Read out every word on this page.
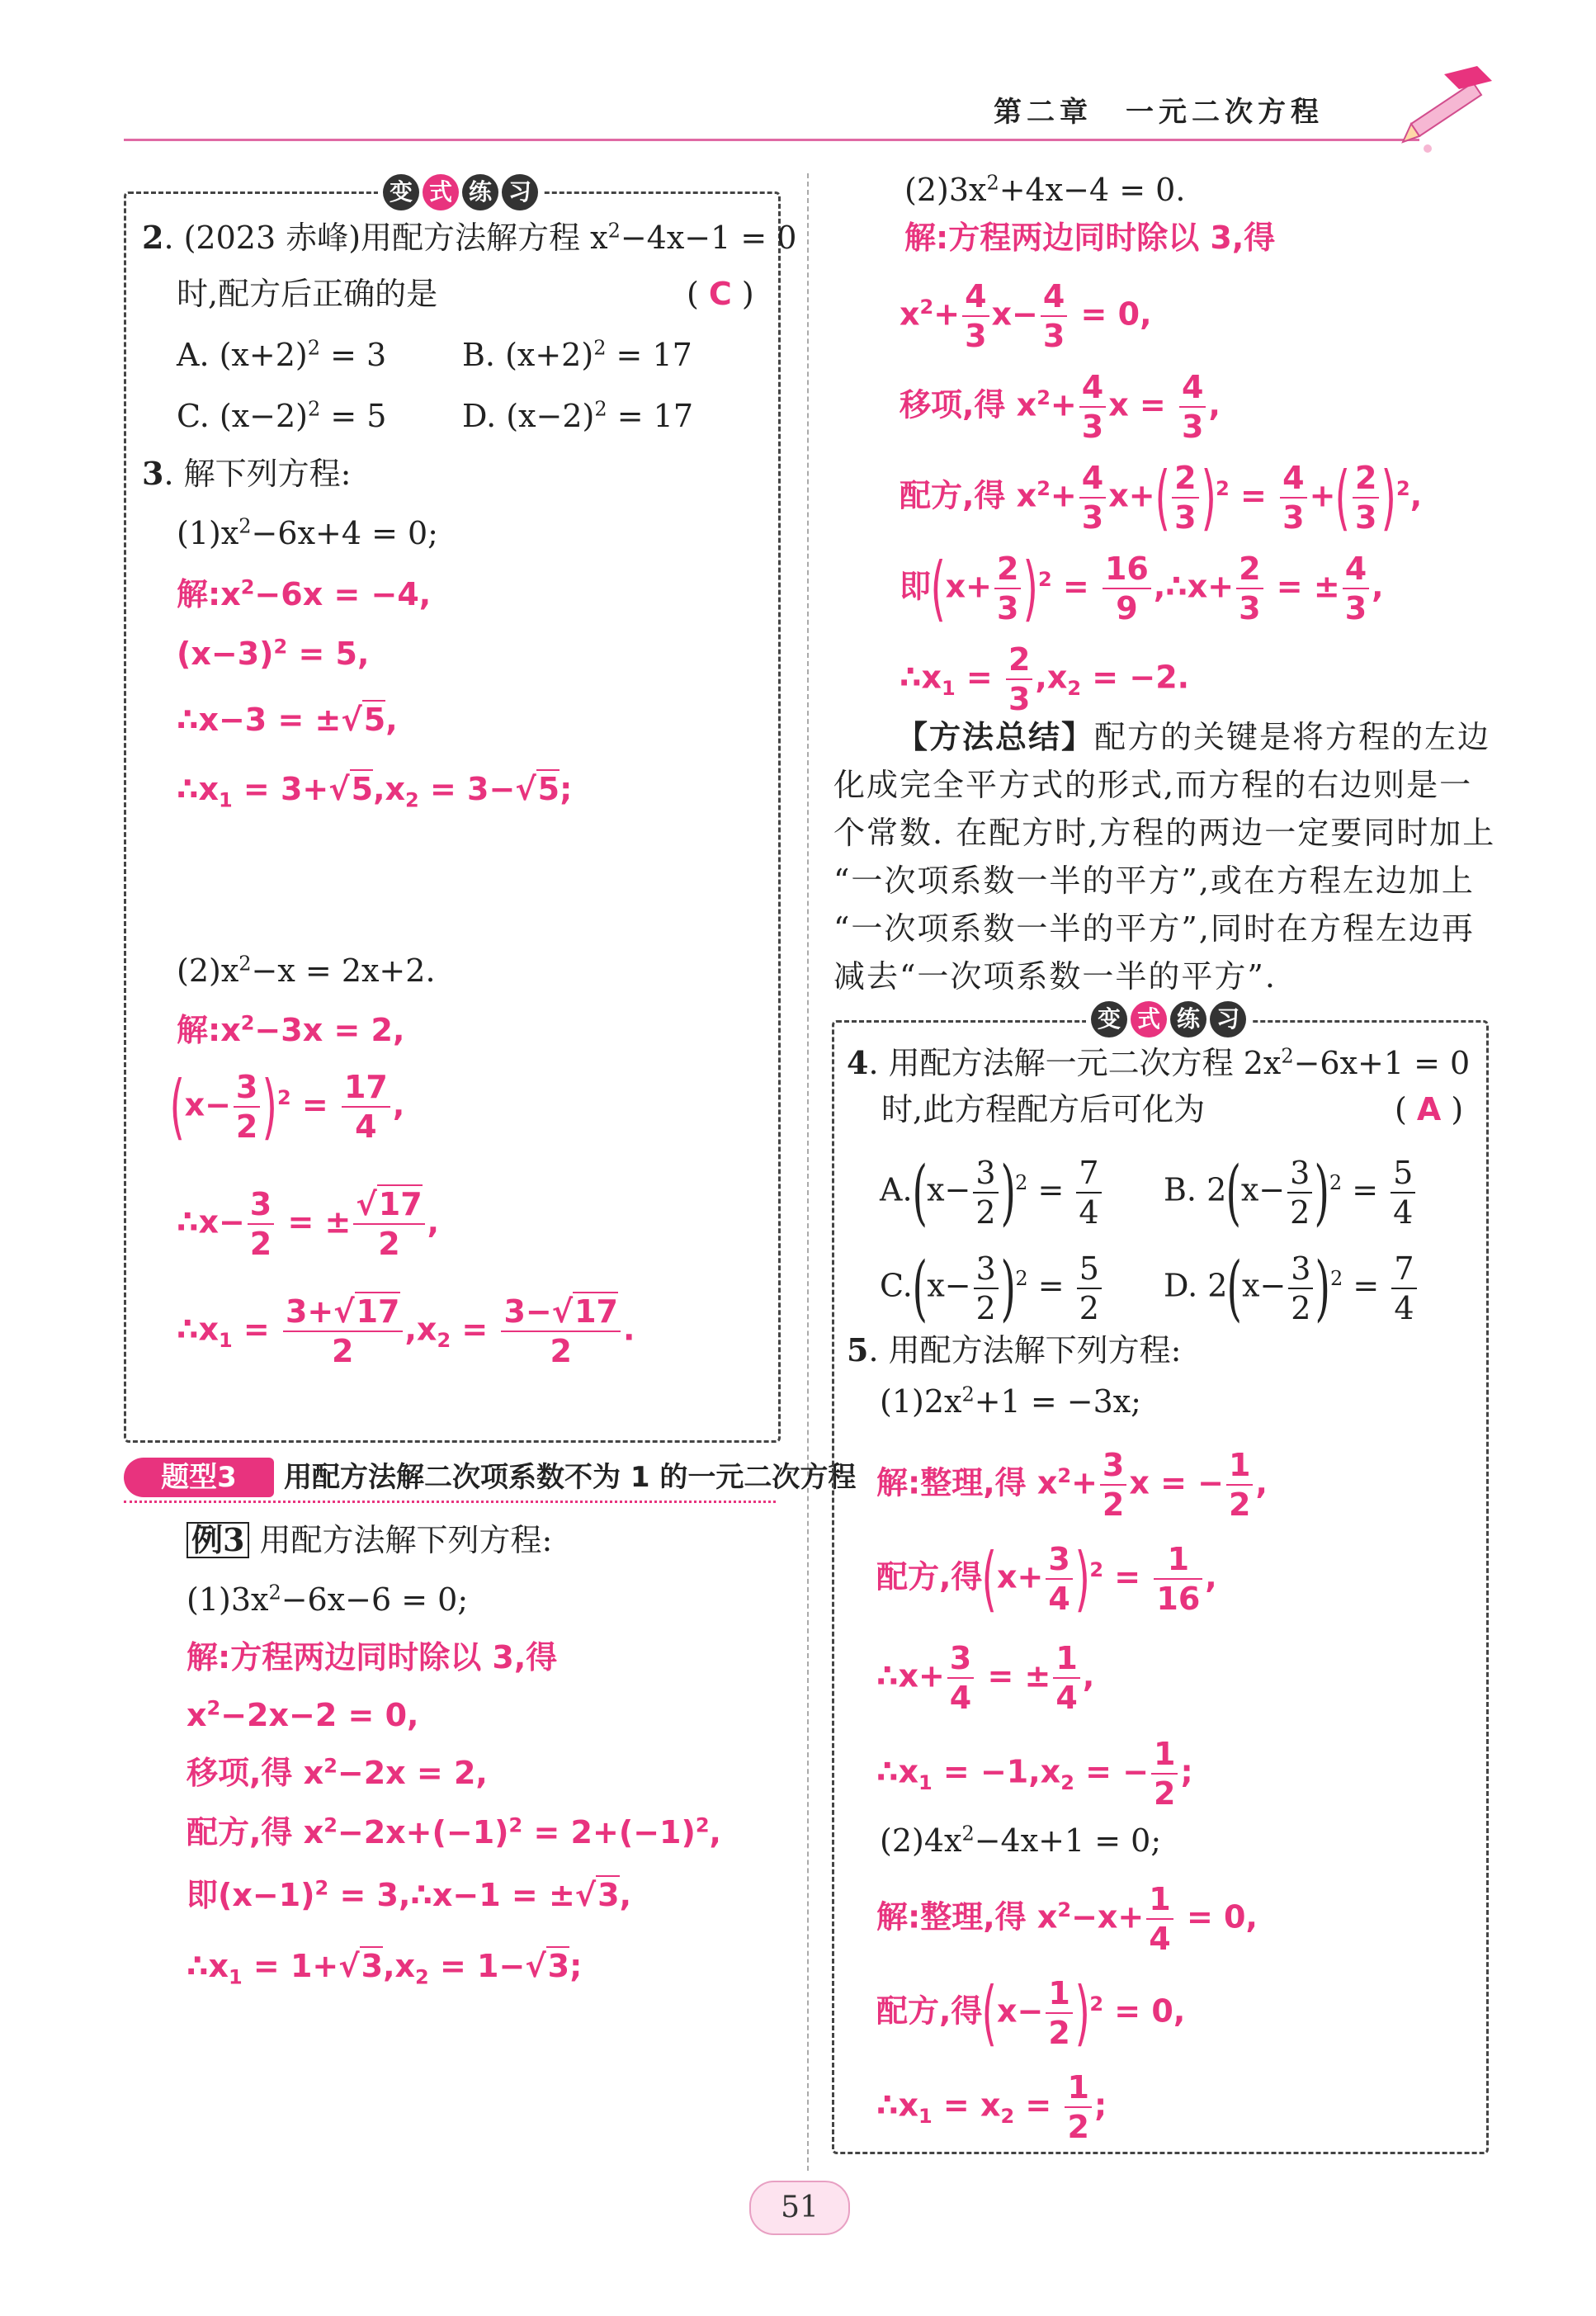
第二章　一元二次方程
变 式 练 习
2. (2023 赤峰)用配方法解方程 $x^2-4x-1 = 0$
时,配方后正确的是	( C )
A. $(x+2)^2 = 3$ B. $(x+2)^2 = 17$
C. $(x-2)^2 = 5$ D. $(x-2)^2 = 17$
3. 解下列方程:
$(1)x^2-6x+4 = 0$;
解$:x^2-6x = -4$,
$(x-3)^2 = 5$,
∴x−3 = ±√5,
$\therefore x_1 = 3+√5,x_2 = 3-√5$;
$(2)x^2-x = 2x+2$.
解$:x^2-3x = 2$,
$(x- \frac{3}{2} )^2 = \frac{17}{4}$ ,
∴x− $\frac{3}{2}$ = ± $\frac{√17}{2}$ ,
$\therefore x_1 = \frac{3+√17}{2} ,x_2 = \frac{3-√17}{2}$ .
题型3	用配方法解二次项系数不为 1 的一元二次方程
例3 用配方法解下列方程:
$(1)3x^2-6x-6 = 0$;
解:方程两边同时除以 3,得
$x^2-2x-2 = 0$,
移项,得 $x^2-2x = 2$,
配方,得 $x^2-2x+(-1)^2 = 2+(-1)^2$,
即$(x-1)^2$ = 3,∴x−1 = ±√3,
$\therefore x_1 = 1+√3,x_2 = 1-√3$;
$(2)3x^2+4x-4 = 0$.
解:方程两边同时除以 3,得
$x^2+ \frac{4}{3} x- \frac{4}{3} = 0$,
移项,得 $x^2+ \frac{4}{3}$ $x = \frac{4}{3}$ ,
配方,得 $x^2+ \frac{4}{3} x+( \frac{2}{3} )^2 = \frac{4}{3}$ +( $\frac{2}{3} )^2$,
即$(x+ \frac{2}{3} )^2 = \frac{16}{9}$ ,∴x+ $\frac{2}{3}$ = ± $\frac{4}{3}$ ,
$\therefore x_1 = \frac{2}{3} ,x_2 = -2$.
【方法总结】配方的关键是将方程的左边
化成完全平方式的形式,而方程的右边则是一
个常数. 在配方时,方程的两边一定要同时加上
“一次项系数一半的平方”,或在方程左边加上
“一次项系数一半的平方”,同时在方程左边再
减去“一次项系数一半的平方”.
变 式 练 习
4. 用配方法解一元二次方程 $2x^2-6x+1 = 0$
时,此方程配方后可化为	( A )
$A.(x- \frac{3}{2} )^2 = \frac{7}{4} B$. $2(x- \frac{3}{2} )^2 = \frac{5}{4}$
$C.(x- \frac{3}{2} )^2 = \frac{5}{2} D$. $2(x- \frac{3}{2} )^2 = \frac{7}{4}$
5. 用配方法解下列方程:
$(1)2x^2+1 = -3x$;
解:整理,得 $x^2+ \frac{3}{2}$ x = − $\frac{1}{2}$ ,
配方,得$(x+ \frac{3}{4} )^2 = \frac{1}{16}$ ,
∴x+ $\frac{3}{4}$ = ± $\frac{1}{4}$ ,
$\therefore x_1 = -1,x_2$ = − $\frac{1}{2}$ ;
$(2)4x^2-4x+1 = 0$;
解:整理,得 $x^2-x+ \frac{1}{4} = 0$,
配方,得$(x- \frac{1}{2} )^2 = 0$,
$\therefore x_1 = x_2 = \frac{1}{2}$ ;
51
